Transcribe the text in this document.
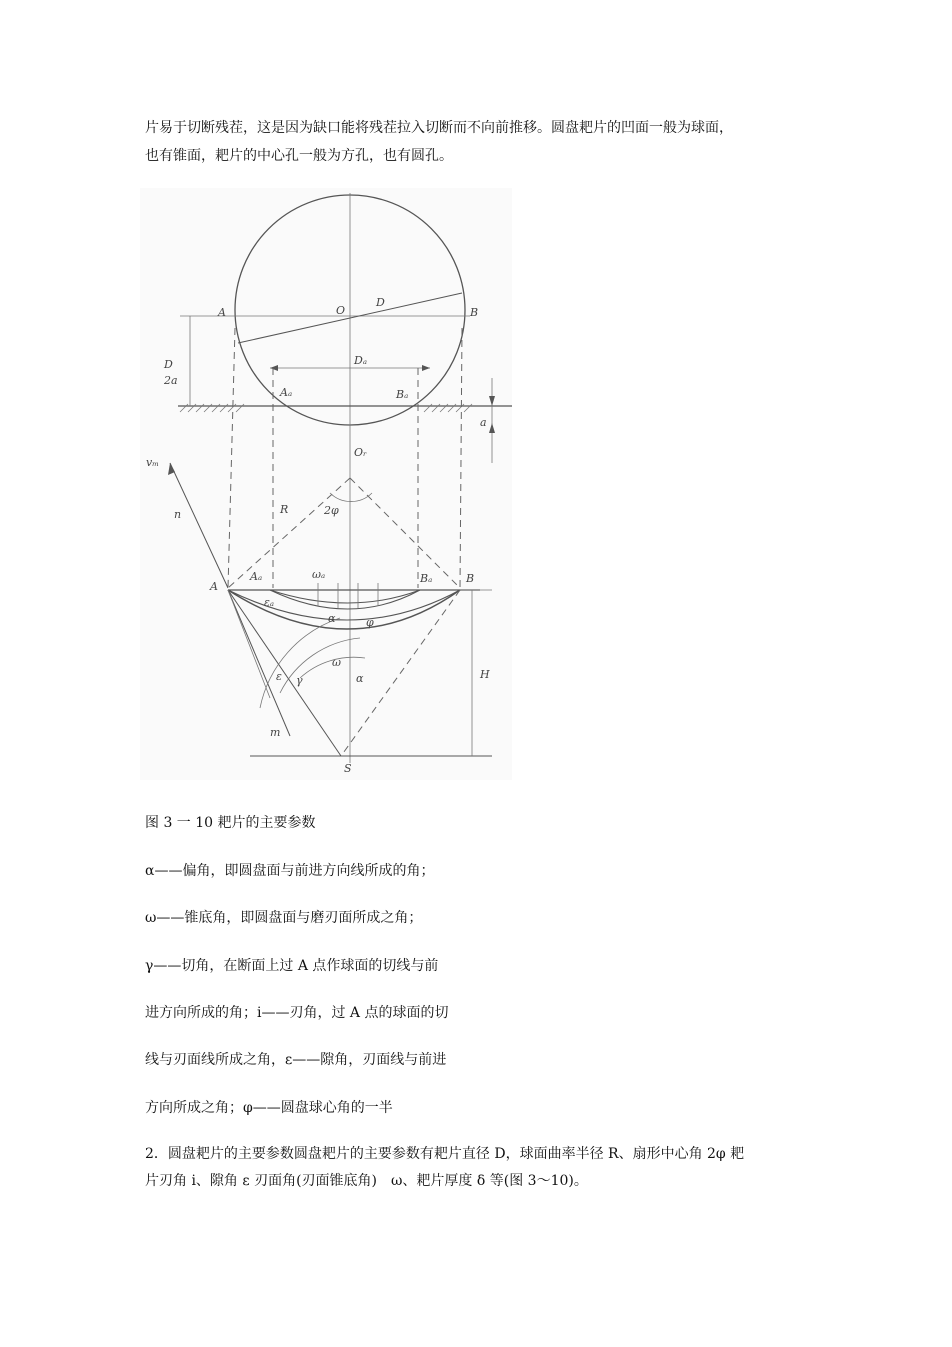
片易于切断残茬，这是因为缺口能将残茬拉入切断而不向前推移。圆盘耙片的凹面一般为球面，

也有锥面，耙片的中心孔一般为方孔，也有圆孔。

A	O
D
B
Dₐ
Aₐ	Bₐ
Oᵣ
R	2φ
vₘ
n
A
Aₐ	ωₐ	Bₐ	B
εₐ
α	φ
ω
α
ε γ
m
S
H
a
D
2a

图 3 一 10 耙片的主要参数

α——偏角，即圆盘面与前进方向线所成的角；

ω——锥底角，即圆盘面与磨刃面所成之角；

γ——切角，在断面上过 A 点作球面的切线与前

进方向所成的角；i——刃角，过 A 点的球面的切

线与刃面线所成之角，ε——隙角，刃面线与前进

方向所成之角；φ——圆盘球心角的一半

2．圆盘耙片的主要参数圆盘耙片的主要参数有耙片直径 D，球面曲率半径 R、扇形中心角 2φ 耙

片刃角 i、隙角 ε 刃面角(刃面锥底角)　ω、耙片厚度 δ 等(图 3～10)。
